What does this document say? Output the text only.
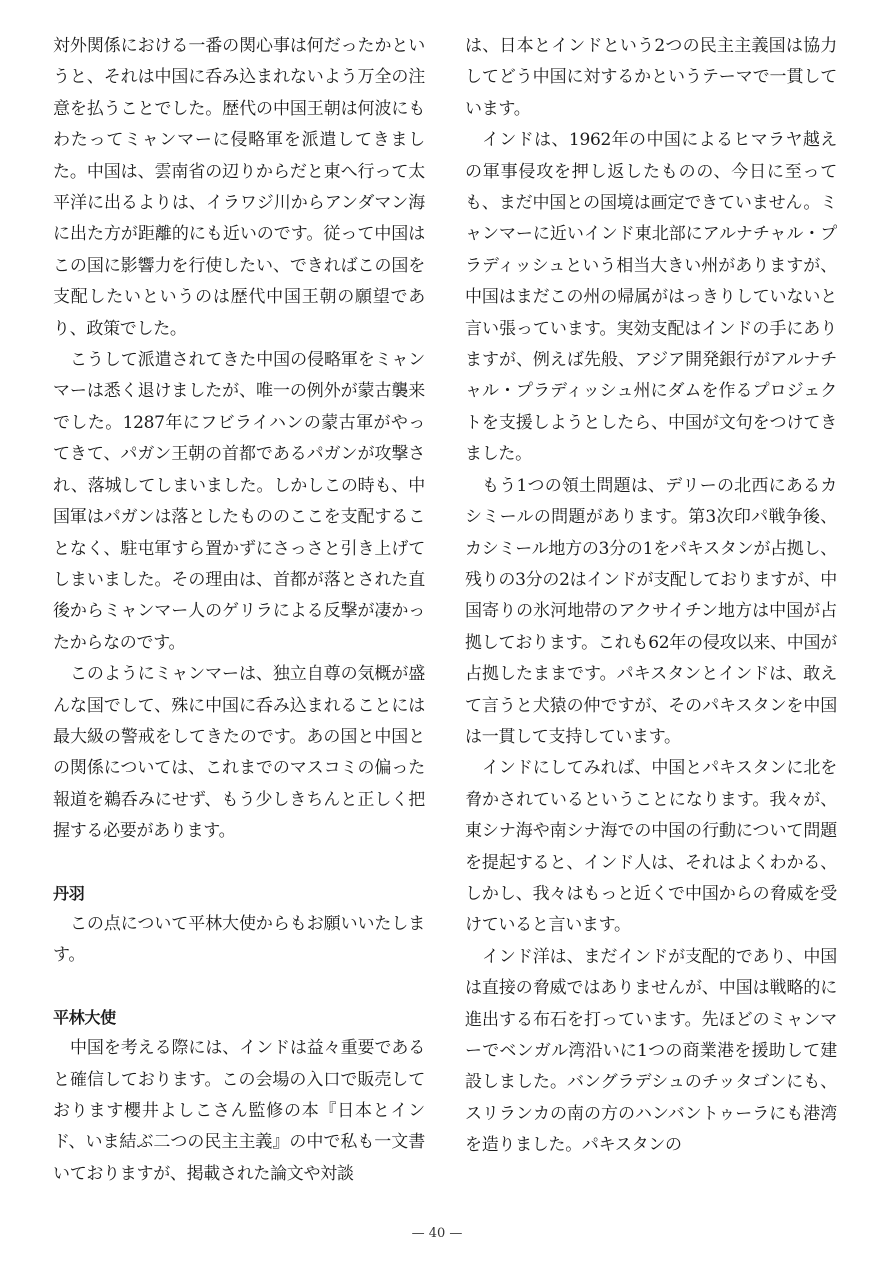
対外関係における一番の関心事は何だったかというと、それは中国に呑み込まれないよう万全の注意を払うことでした。歴代の中国王朝は何波にもわたってミャンマーに侵略軍を派遣してきました。中国は、雲南省の辺りからだと東へ行って太平洋に出るよりは、イラワジ川からアンダマン海に出た方が距離的にも近いのです。従って中国はこの国に影響力を行使したい、できればこの国を支配したいというのは歴代中国王朝の願望であり、政策でした。

こうして派遣されてきた中国の侵略軍をミャンマーは悉く退けましたが、唯一の例外が蒙古襲来でした。1287年にフビライハンの蒙古軍がやってきて、パガン王朝の首都であるパガンが攻撃され、落城してしまいました。しかしこの時も、中国軍はパガンは落としたもののここを支配することなく、駐屯軍すら置かずにさっさと引き上げてしまいました。その理由は、首都が落とされた直後からミャンマー人のゲリラによる反撃が凄かったからなのです。

このようにミャンマーは、独立自尊の気概が盛んな国でして、殊に中国に呑み込まれることには最大級の警戒をしてきたのです。あの国と中国との関係については、これまでのマスコミの偏った報道を鵜呑みにせず、もう少しきちんと正しく把握する必要があります。

丹羽

この点について平林大使からもお願いいたします。

平林大使

中国を考える際には、インドは益々重要であると確信しております。この会場の入口で販売しております櫻井よしこさん監修の本『日本とインド、いま結ぶ二つの民主主義』の中で私も一文書いておりますが、掲載された論文や対談

は、日本とインドという2つの民主主義国は協力してどう中国に対するかというテーマで一貫しています。

インドは、1962年の中国によるヒマラヤ越えの軍事侵攻を押し返したものの、今日に至っても、まだ中国との国境は画定できていません。ミャンマーに近いインド東北部にアルナチャル・プラディッシュという相当大きい州がありますが、中国はまだこの州の帰属がはっきりしていないと言い張っています。実効支配はインドの手にありますが、例えば先般、アジア開発銀行がアルナチャル・プラディッシュ州にダムを作るプロジェクトを支援しようとしたら、中国が文句をつけてきました。

もう1つの領土問題は、デリーの北西にあるカシミールの問題があります。第3次印パ戦争後、カシミール地方の3分の1をパキスタンが占拠し、残りの3分の2はインドが支配しておりますが、中国寄りの氷河地帯のアクサイチン地方は中国が占拠しております。これも62年の侵攻以来、中国が占拠したままです。パキスタンとインドは、敢えて言うと犬猿の仲ですが、そのパキスタンを中国は一貫して支持しています。

インドにしてみれば、中国とパキスタンに北を脅かされているということになります。我々が、東シナ海や南シナ海での中国の行動について問題を提起すると、インド人は、それはよくわかる、しかし、我々はもっと近くで中国からの脅威を受けていると言います。

インド洋は、まだインドが支配的であり、中国は直接の脅威ではありませんが、中国は戦略的に進出する布石を打っています。先ほどのミャンマーでベンガル湾沿いに1つの商業港を援助して建設しました。バングラデシュのチッタゴンにも、スリランカの南の方のハンバントゥーラにも港湾を造りました。パキスタンの

— 40 —
